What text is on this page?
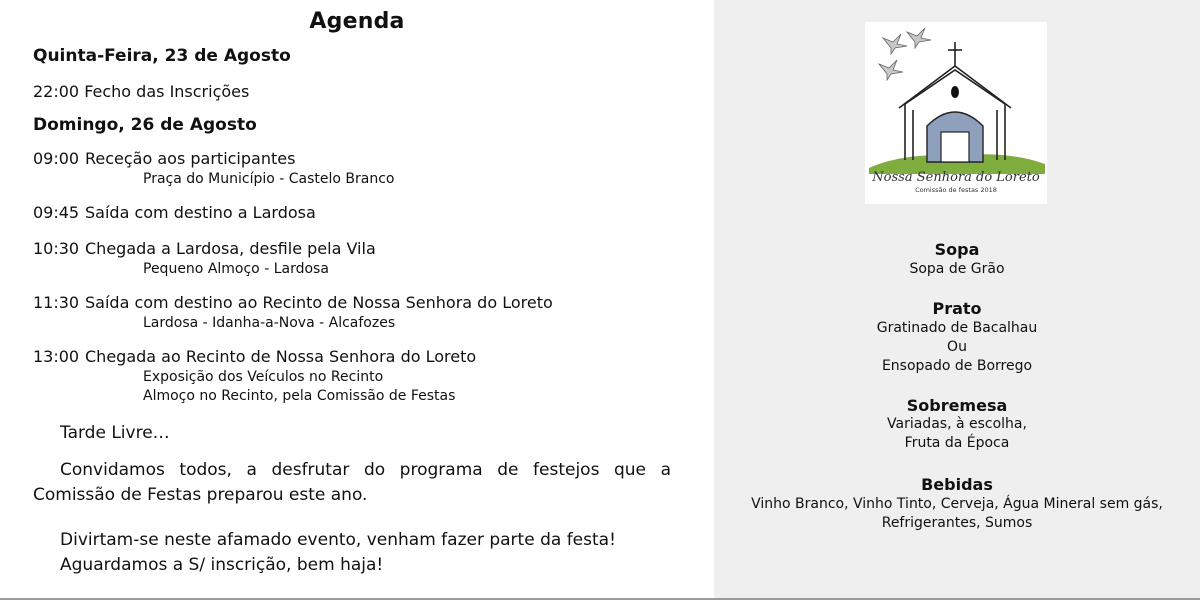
Agenda
Quinta-Feira, 23 de Agosto
22:00 Fecho das Inscrições
Domingo, 26 de Agosto
09:00 Receção aos participantes
Praça do Município - Castelo Branco
09:45 Saída com destino a Lardosa
10:30 Chegada a Lardosa, desfile pela Vila
Pequeno Almoço - Lardosa
11:30 Saída com destino ao Recinto de Nossa Senhora do Loreto
Lardosa - Idanha-a-Nova - Alcafozes
13:00 Chegada ao Recinto de Nossa Senhora do Loreto
Exposição dos Veículos no Recinto
Almoço no Recinto, pela Comissão de Festas
Tarde Livre…
Convidamos todos, a desfrutar do programa de festejos que a Comissão de Festas preparou este ano.
Divirtam-se neste afamado evento, venham fazer parte da festa!
Aguardamos a S/ inscrição, bem haja!
Nossa Senhora do Loreto
Comissão de festas 2018
Sopa
Sopa de Grão
Prato
Gratinado de Bacalhau
Ou
Ensopado de Borrego
Sobremesa
Variadas, à escolha,
Fruta da Época
Bebidas
Vinho Branco, Vinho Tinto, Cerveja, Água Mineral sem gás,
Refrigerantes, Sumos
